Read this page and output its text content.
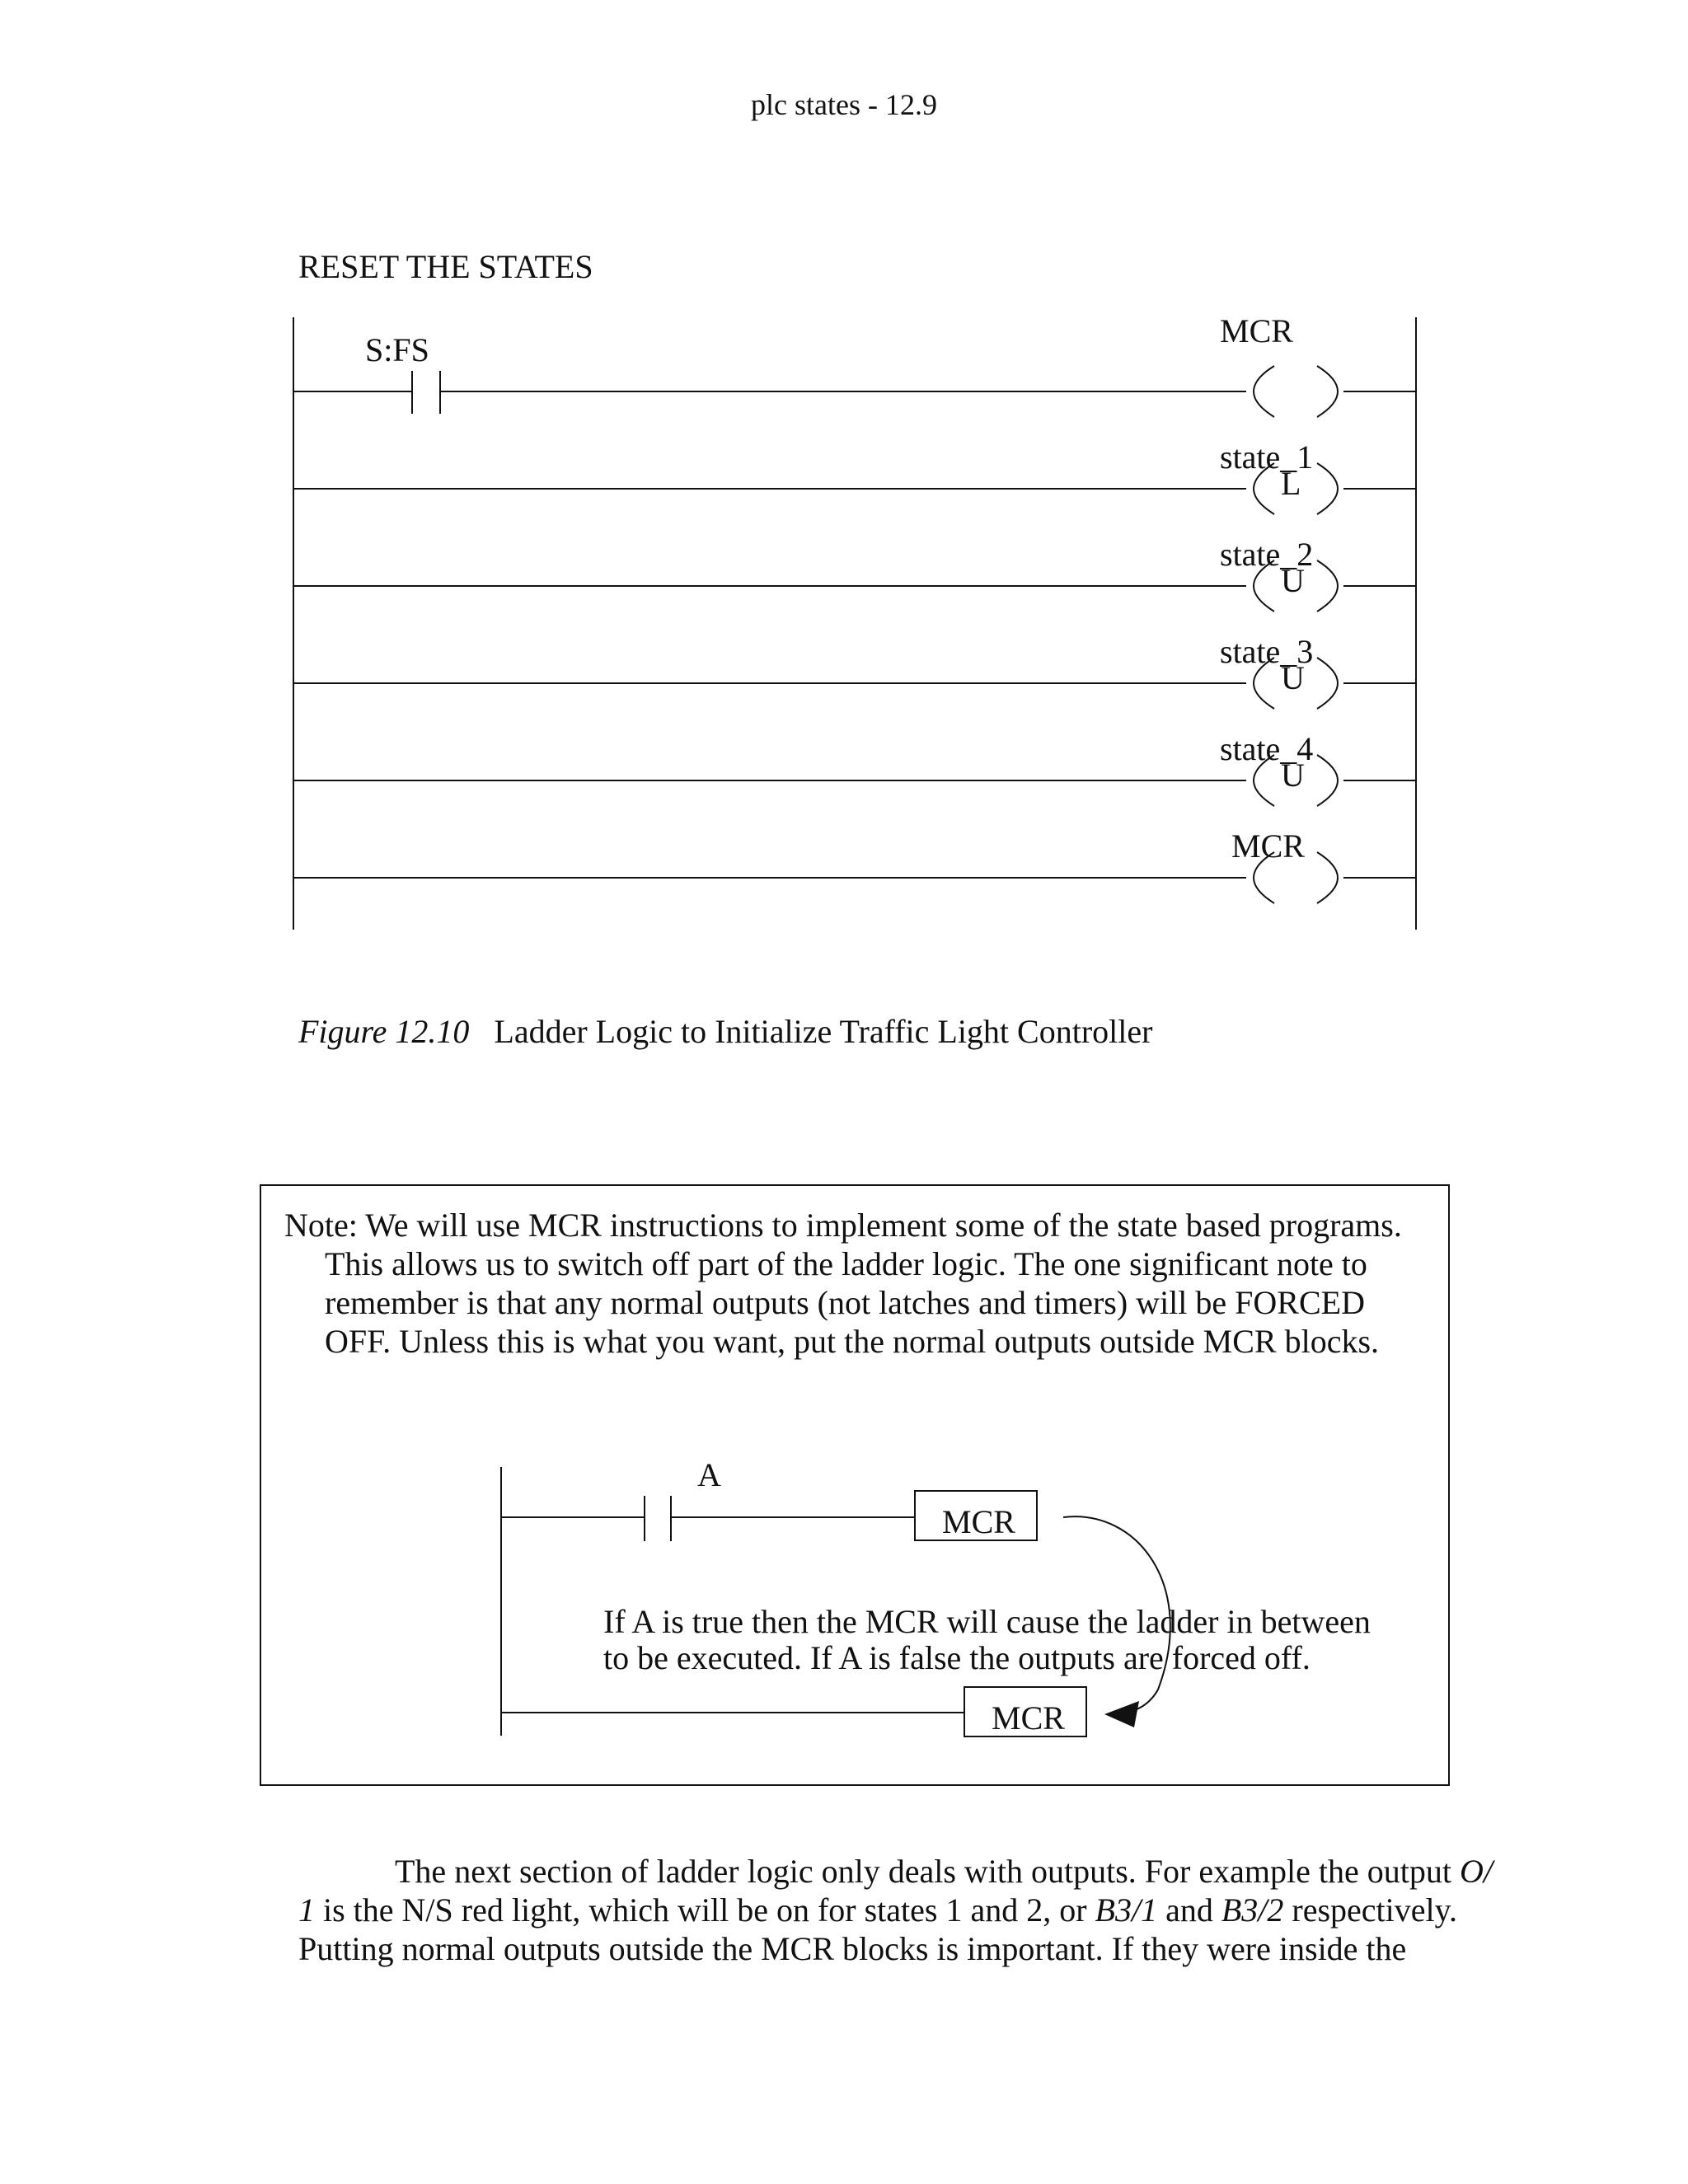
plc states - 12.9
RESET THE STATES
S:FS
MCR
state_1
L
state_2
U
state_3
U
state_4
U
MCR
Figure 12.10 Ladder Logic to Initialize Traffic Light Controller

Note: We will use MCR instructions to implement some of the state based programs.

This allows us to switch off part of the ladder logic. The one significant note to

remember is that any normal outputs (not latches and timers) will be FORCED

OFF. Unless this is what you want, put the normal outputs outside MCR blocks.

A
MCR
MCR
If A is true then the MCR will cause the ladder in between
to be executed. If A is false the outputs are forced off.

The next section of ladder logic only deals with outputs. For example the output O/

1 is the N/S red light, which will be on for states 1 and 2, or B3/1 and B3/2 respectively.

Putting normal outputs outside the MCR blocks is important. If they were inside the
